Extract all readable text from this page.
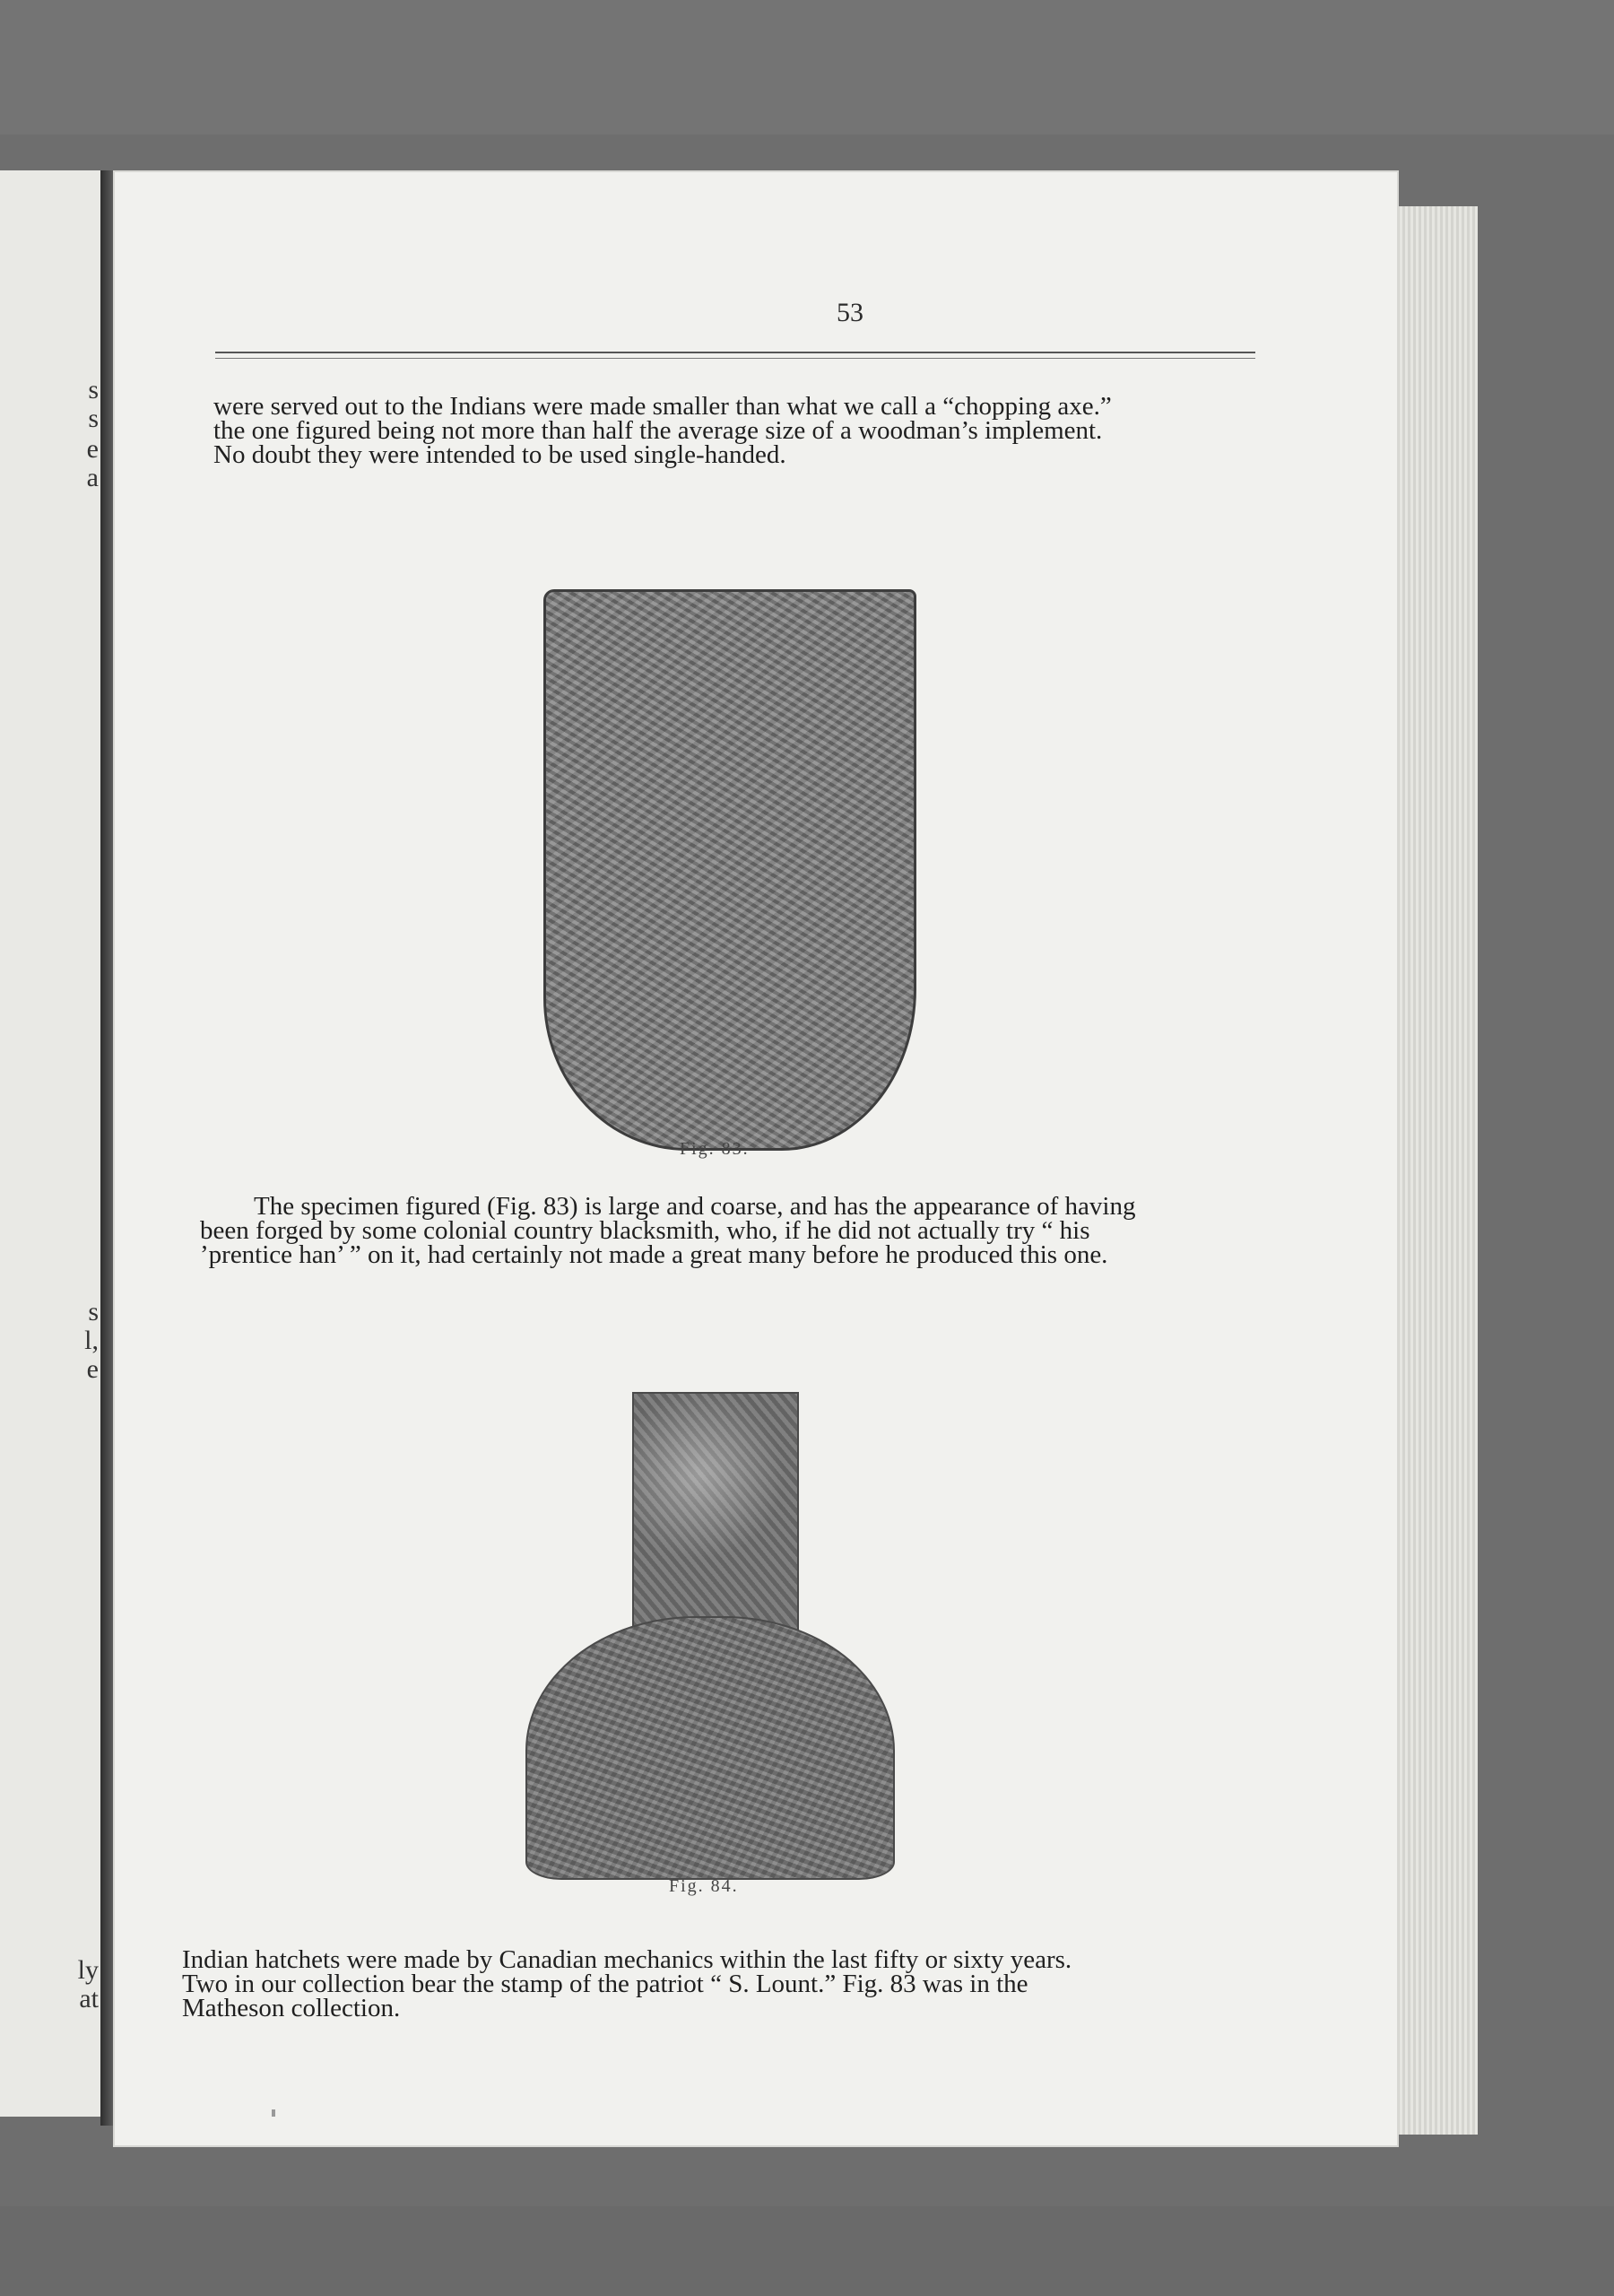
s
s
e
a
s
l,
e
ly
at
53
were served out to the Indians were made smaller than what we call a “chopping axe.”
the one figured being not more than half the average size of a woodman’s implement.
No doubt they were intended to be used single-handed.
Fig. 83.
The specimen figured (Fig. 83) is large and coarse, and has the appearance of having
been forged by some colonial country blacksmith, who, if he did not actually try “ his
’prentice han’ ” on it, had certainly not made a great many before he produced this one.
Fig. 84.
Indian hatchets were made by Canadian mechanics within the last fifty or sixty years.
Two in our collection bear the stamp of the patriot “ S. Lount.” Fig. 83 was in the
Matheson collection.
